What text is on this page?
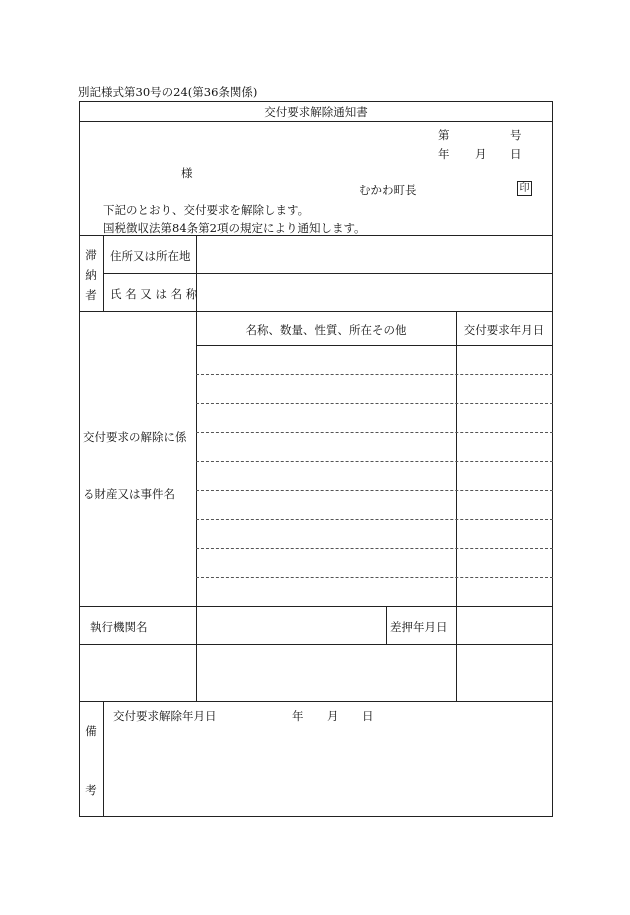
別記様式第30号の24(第36条関係)
交付要求解除通知書
第	号
年 月 日
様
むかわ町長	印
下記のとおり、交付要求を解除します。
国税徴収法第84条第2項の規定により通知します。
滞
納
者
住所又は所在地
氏 名 又 は 名 称
交付要求の解除に係
る財産又は事件名
名称、数量、性質、所在その他	交付要求年月日
執行機関名	差押年月日
備
考
交付要求解除年月日	年 月 日
